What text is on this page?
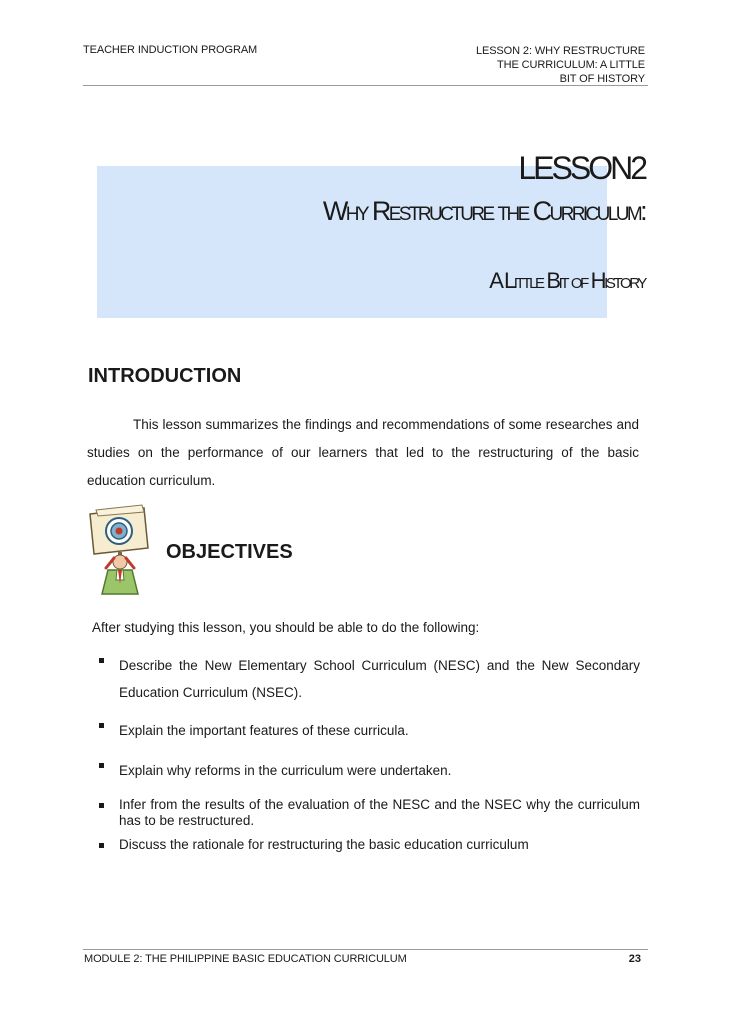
TEACHER INDUCTION PROGRAM	LESSON 2: WHY RESTRUCTURE
THE CURRICULUM: A LITTLE
BIT OF HISTORY
LESSON2
Why Restructure the Curriculum:
A Little Bit of History
INTRODUCTION

This lesson summarizes the findings and recommendations of some researches and studies on the performance of our learners that led to the restructuring of the basic education curriculum.

OBJECTIVES
After studying this lesson, you should be able to do the following:
Describe the New Elementary School Curriculum (NESC) and the New Secondary Education Curriculum (NSEC).
Explain the important features of these curricula.
Explain why reforms in the curriculum were undertaken.
Infer from the results of the evaluation of the NESC and the NSEC why the curriculum has to be restructured.
Discuss the rationale for restructuring the basic education curriculum
MODULE 2: THE PHILIPPINE BASIC EDUCATION CURRICULUM	23
